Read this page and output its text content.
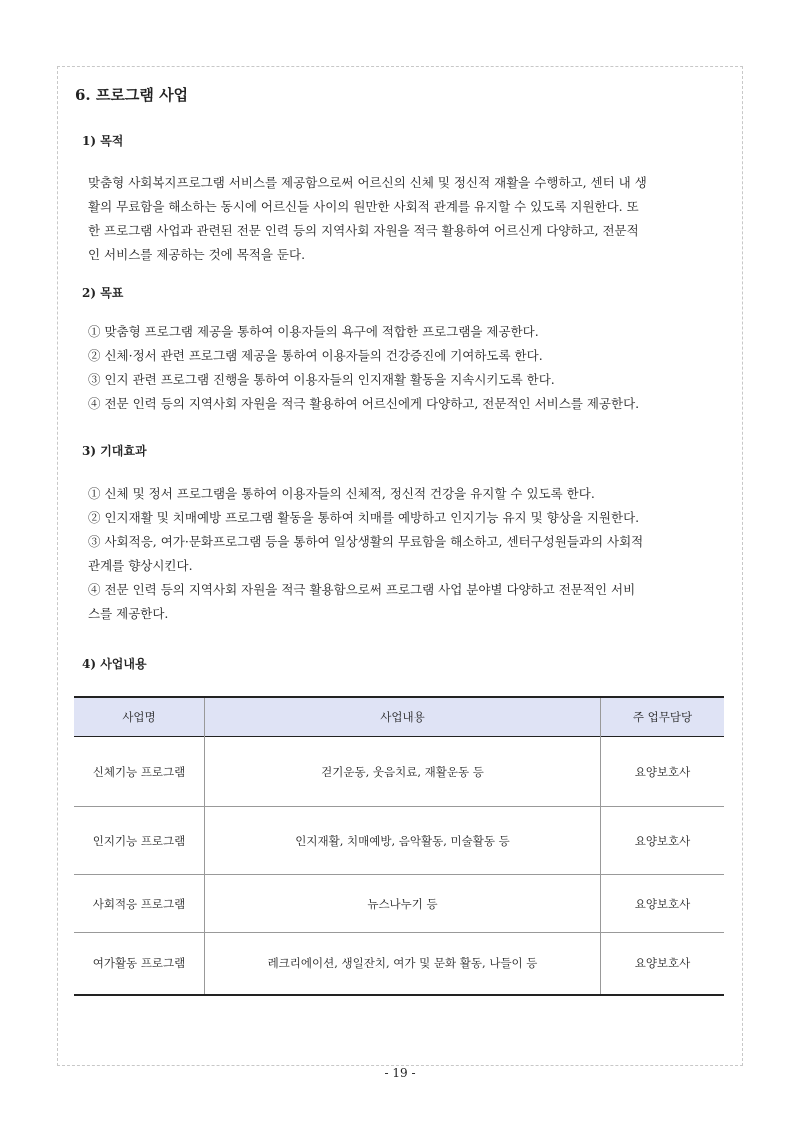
6. 프로그램 사업
1) 목적
맞춤형 사회복지프로그램 서비스를 제공함으로써 어르신의 신체 및 정신적 재활을 수행하고, 센터 내 생
활의 무료함을 해소하는 동시에 어르신들 사이의 원만한 사회적 관계를 유지할 수 있도록 지원한다. 또
한 프로그램 사업과 관련된 전문 인력 등의 지역사회 자원을 적극 활용하여 어르신게 다양하고, 전문적
인 서비스를 제공하는 것에 목적을 둔다.
2) 목표
① 맞춤형 프로그램 제공을 통하여 이용자들의 욕구에 적합한 프로그램을 제공한다.
② 신체·정서 관련 프로그램 제공을 통하여 이용자들의 건강증진에 기여하도록 한다.
③ 인지 관련 프로그램 진행을 통하여 이용자들의 인지재활 활동을 지속시키도록 한다.
④ 전문 인력 등의 지역사회 자원을 적극 활용하여 어르신에게 다양하고, 전문적인 서비스를 제공한다.
3) 기대효과
① 신체 및 정서 프로그램을 통하여 이용자들의 신체적, 정신적 건강을 유지할 수 있도록 한다.
② 인지재활 및 치매예방 프로그램 활동을 통하여 치매를 예방하고 인지기능 유지 및 향상을 지원한다.
③ 사회적응, 여가·문화프로그램 등을 통하여 일상생활의 무료함을 해소하고, 센터구성원들과의 사회적
관계를 향상시킨다.
④ 전문 인력 등의 지역사회 자원을 적극 활용함으로써 프로그램 사업 분야별 다양하고 전문적인 서비
스를 제공한다.
4) 사업내용
사업명	사업내용	주 업무담당
신체기능 프로그램	걷기운동, 웃음치료, 재활운동 등	요양보호사
인지기능 프로그램	인지재활, 치매예방, 음악활동, 미술활동 등	요양보호사
사회적응 프로그램	뉴스나누기 등	요양보호사
여가활동 프로그램	레크리에이션, 생일잔치, 여가 및 문화 활동, 나들이 등	요양보호사
- 19 -
